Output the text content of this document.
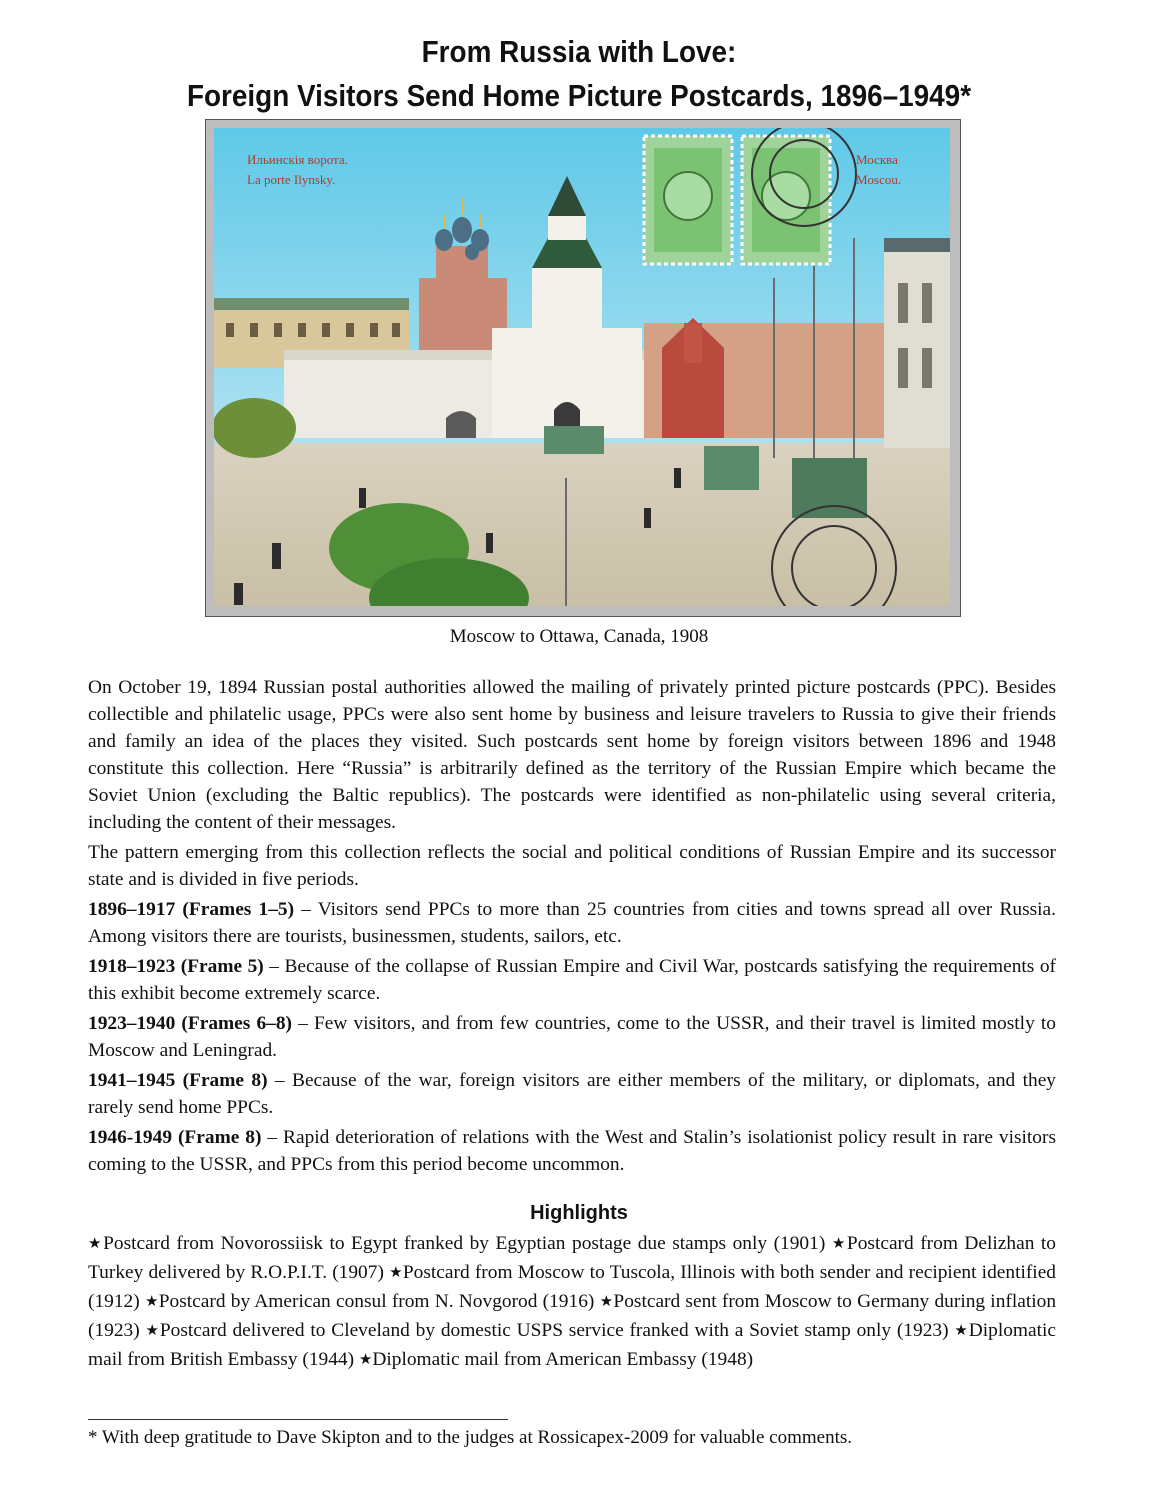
From Russia with Love:
Foreign Visitors Send Home Picture Postcards, 1896–1949*
Ильинскія ворота.
La porte Ilynsky.
Москва
Moscou.
Moscow to Ottawa, Canada, 1908

On October 19, 1894 Russian postal authorities allowed the mailing of privately printed picture postcards (PPC). Besides collectible and philatelic usage, PPCs were also sent home by business and leisure travelers to Russia to give their friends and family an idea of the places they visited. Such postcards sent home by foreign visitors between 1896 and 1948 constitute this collection. Here “Russia” is arbitrarily defined as the territory of the Russian Empire which became the Soviet Union (excluding the Baltic republics). The postcards were identified as non-philatelic using several criteria, including the content of their messages.

The pattern emerging from this collection reflects the social and political conditions of Russian Empire and its successor state and is divided in five periods.

1896–1917 (Frames 1–5) – Visitors send PPCs to more than 25 countries from cities and towns spread all over Russia. Among visitors there are tourists, businessmen, students, sailors, etc.

1918–1923 (Frame 5) – Because of the collapse of Russian Empire and Civil War, postcards satisfying the requirements of this exhibit become extremely scarce.

1923–1940 (Frames 6–8) – Few visitors, and from few countries, come to the USSR, and their travel is limited mostly to Moscow and Leningrad.

1941–1945 (Frame 8) – Because of the war, foreign visitors are either members of the military, or diplomats, and they rarely send home PPCs.

1946-1949 (Frame 8) – Rapid deterioration of relations with the West and Stalin’s isolationist policy result in rare visitors coming to the USSR, and PPCs from this period become uncommon.

Highlights

★Postcard from Novorossiisk to Egypt franked by Egyptian postage due stamps only (1901) ★Postcard from Delizhan to Turkey delivered by R.O.P.I.T. (1907) ★Postcard from Moscow to Tuscola, Illinois with both sender and recipient identified (1912) ★Postcard by American consul from N. Novgorod (1916) ★Postcard sent from Moscow to Germany during inflation (1923) ★Postcard delivered to Cleveland by domestic USPS service franked with a Soviet stamp only (1923) ★Diplomatic mail from British Embassy (1944) ★Diplomatic mail from American Embassy (1948)

* With deep gratitude to Dave Skipton and to the judges at Rossicapex-2009 for valuable comments.
